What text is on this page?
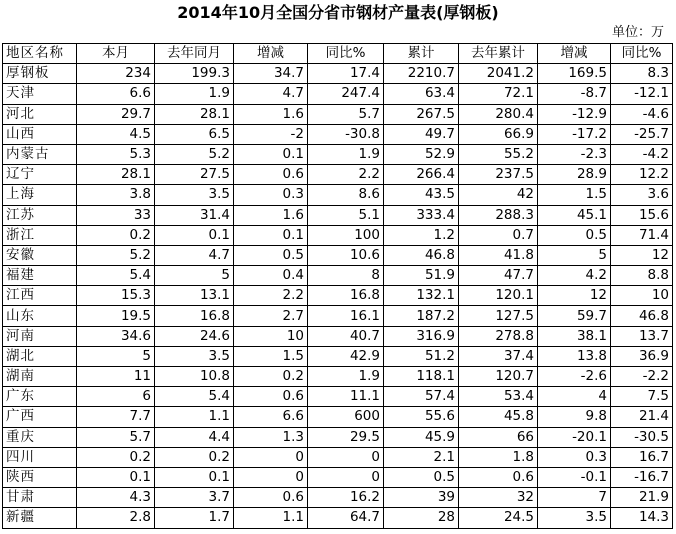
2014年10月全国分省市钢材产量表(厚钢板)
单位：万
地区名称	本月	去年同月	增减	同比%	累计	去年累计	增减	同比%
厚钢板	234	199.3	34.7	17.4	2210.7	2041.2	169.5	8.3
天津	6.6	1.9	4.7	247.4	63.4	72.1	-8.7	-12.1
河北	29.7	28.1	1.6	5.7	267.5	280.4	-12.9	-4.6
山西	4.5	6.5	-2	-30.8	49.7	66.9	-17.2	-25.7
内蒙古	5.3	5.2	0.1	1.9	52.9	55.2	-2.3	-4.2
辽宁	28.1	27.5	0.6	2.2	266.4	237.5	28.9	12.2
上海	3.8	3.5	0.3	8.6	43.5	42	1.5	3.6
江苏	33	31.4	1.6	5.1	333.4	288.3	45.1	15.6
浙江	0.2	0.1	0.1	100	1.2	0.7	0.5	71.4
安徽	5.2	4.7	0.5	10.6	46.8	41.8	5	12
福建	5.4	5	0.4	8	51.9	47.7	4.2	8.8
江西	15.3	13.1	2.2	16.8	132.1	120.1	12	10
山东	19.5	16.8	2.7	16.1	187.2	127.5	59.7	46.8
河南	34.6	24.6	10	40.7	316.9	278.8	38.1	13.7
湖北	5	3.5	1.5	42.9	51.2	37.4	13.8	36.9
湖南	11	10.8	0.2	1.9	118.1	120.7	-2.6	-2.2
广东	6	5.4	0.6	11.1	57.4	53.4	4	7.5
广西	7.7	1.1	6.6	600	55.6	45.8	9.8	21.4
重庆	5.7	4.4	1.3	29.5	45.9	66	-20.1	-30.5
四川	0.2	0.2	0	0	2.1	1.8	0.3	16.7
陕西	0.1	0.1	0	0	0.5	0.6	-0.1	-16.7
甘肃	4.3	3.7	0.6	16.2	39	32	7	21.9
新疆	2.8	1.7	1.1	64.7	28	24.5	3.5	14.3
